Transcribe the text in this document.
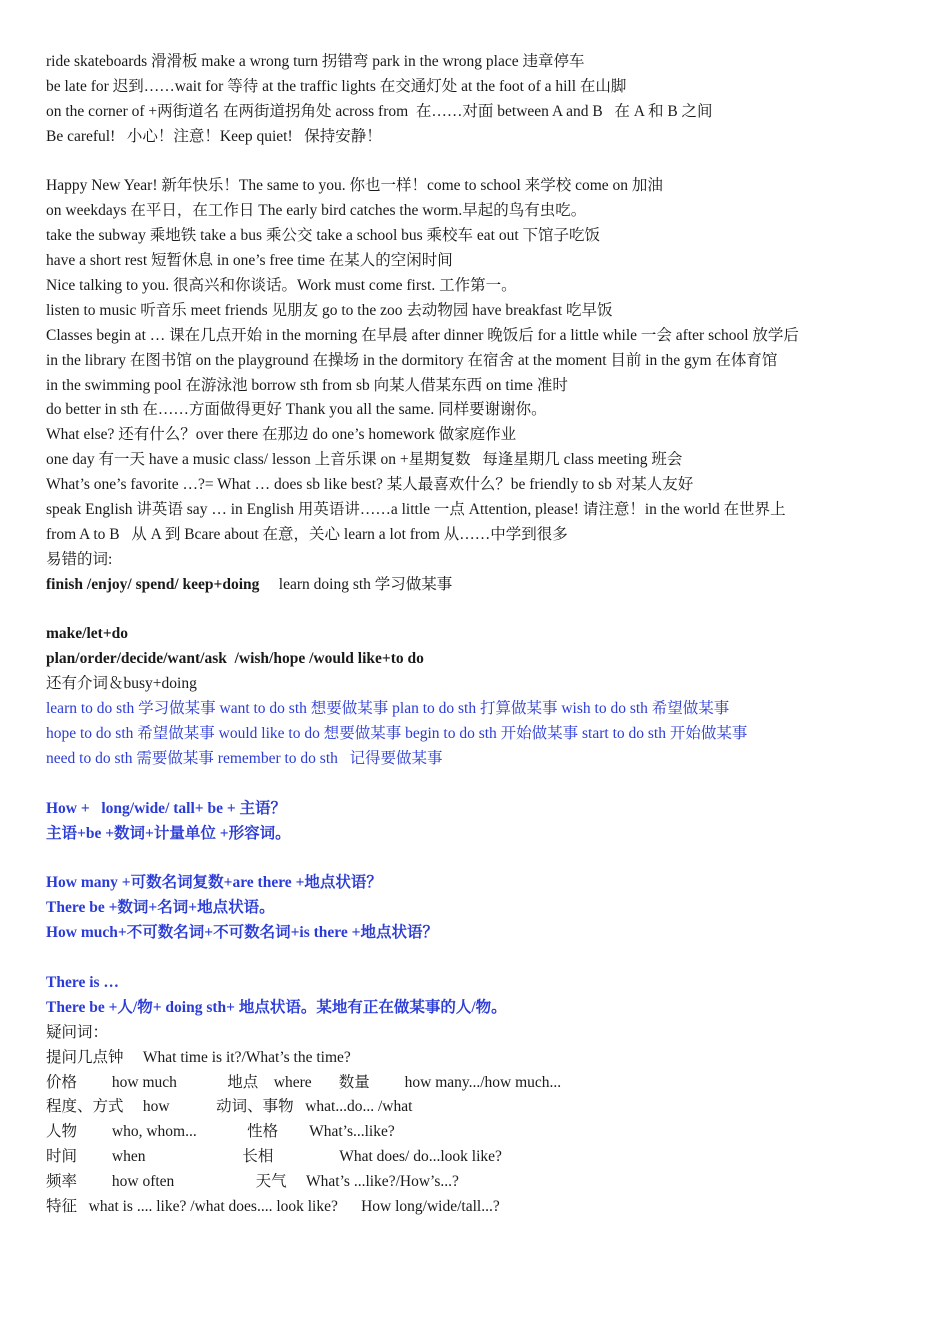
ride skateboards 滑滑板 make a wrong turn 拐错弯 park in the wrong place 违章停车
be late for 迟到……wait for 等待 at the traffic lights 在交通灯处 at the foot of a hill 在山脚
on the corner of +两街道名 在两街道拐角处 across from  在……对面 between A and B   在 A 和 B 之间
Be careful!   小心！注意！Keep quiet!   保持安静！
Happy New Year! 新年快乐！The same to you. 你也一样！come to school 来学校 come on 加油
on weekdays 在平日，在工作日 The early bird catches the worm.早起的鸟有虫吃。
take the subway 乘地铁 take a bus 乘公交 take a school bus 乘校车 eat out 下馆子吃饭
have a short rest 短暂休息 in one’s free time 在某人的空闲时间
Nice talking to you. 很高兴和你谈话。Work must come first. 工作第一。
listen to music 听音乐 meet friends 见朋友 go to the zoo 去动物园 have breakfast 吃早饭
Classes begin at … 课在几点开始 in the morning 在早晨 after dinner 晚饭后 for a little while 一会 after school 放学后
in the library 在图书馆 on the playground 在操场 in the dormitory 在宿舍 at the moment 目前 in the gym 在体育馆
in the swimming pool 在游泳池 borrow sth from sb 向某人借某东西 on time 准时
do better in sth 在……方面做得更好 Thank you all the same. 同样要谢谢你。
What else? 还有什么？over there 在那边 do one’s homework 做家庭作业
one day 有一天 have a music class/ lesson 上音乐课 on +星期复数   每逢星期几 class meeting 班会
What’s one’s favorite …?= What … does sb like best? 某人最喜欢什么？be friendly to sb 对某人友好
speak English 讲英语 say … in English 用英语讲……a little 一点 Attention, please! 请注意！in the world 在世界上
from A to B   从 A 到 Bcare about 在意，关心 learn a lot from 从……中学到很多
易错的词:
finish /enjoy/ spend/ keep+doing     learn doing sth 学习做某事
make/let+do
plan/order/decide/want/ask  /wish/hope /would like+to do
还有介词＆busy+doing
learn to do sth 学习做某事 want to do sth 想要做某事 plan to do sth 打算做某事 wish to do sth 希望做某事
hope to do sth 希望做某事 would like to do 想要做某事 begin to do sth 开始做某事 start to do sth 开始做某事
need to do sth 需要做某事 remember to do sth   记得要做某事
How +   long/wide/ tall+ be + 主语？
主语+be +数词+计量单位 +形容词。
How many +可数名词复数+are there +地点状语？
There be +数词+名词+地点状语。
How much+不可数名词+不可数名词+is there +地点状语？
There is …
There be +人/物+ doing sth+ 地点状语。某地有正在做某事的人/物。
疑问词：
提问几点钟     What time is it?/What’s the time?
价格         how much             地点    where       数量         how many.../how much...
程度、方式     how            动词、事物   what...do... /what
人物         who, whom...             性格        What’s...like?
时间         when                         长相                 What does/ do...look like?
频率         how often                     天气     What’s ...like?/How’s...?
特征   what is .... like? /what does.... look like?      How long/wide/tall...?
